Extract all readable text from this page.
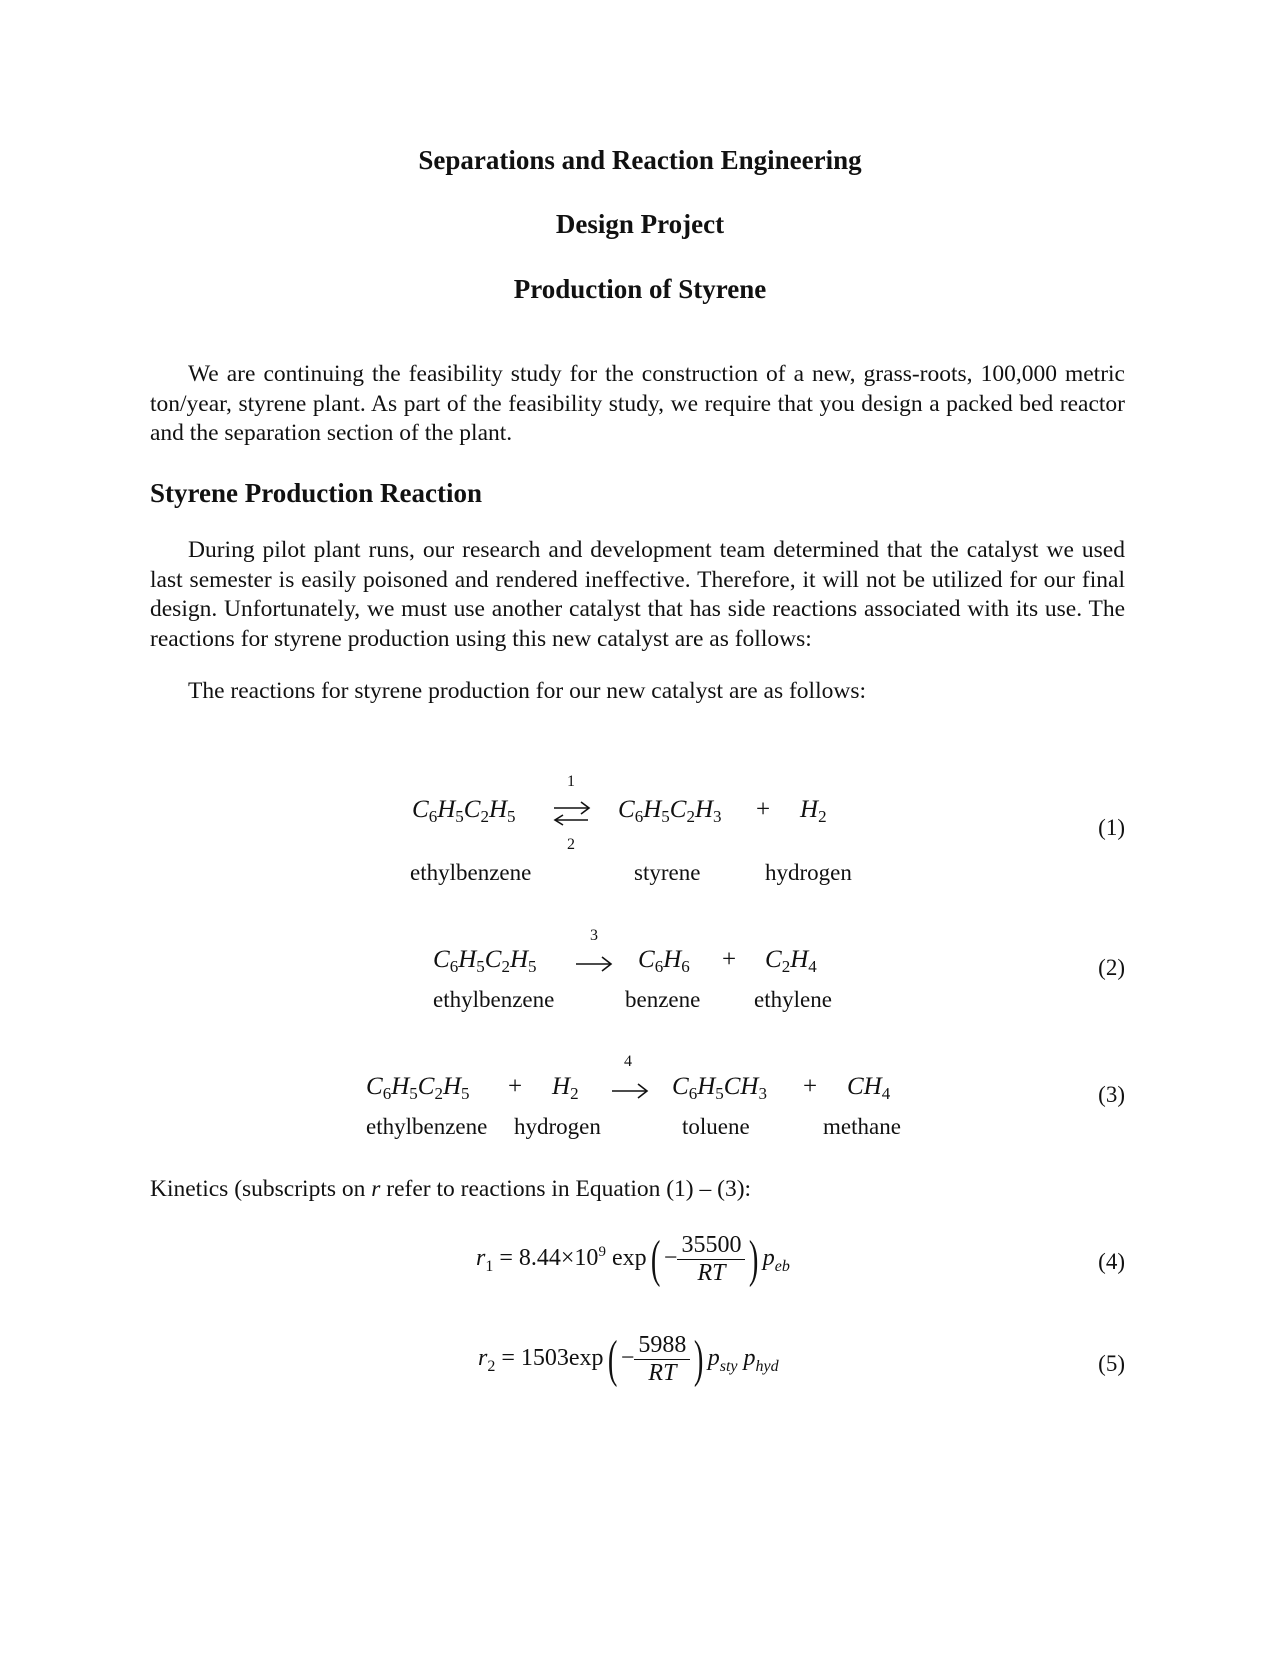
Separations and Reaction Engineering
Design Project
Production of Styrene

We are continuing the feasibility study for the construction of a new, grass-roots, 100,000 metric ton/year, styrene plant. As part of the feasibility study, we require that you design a packed bed reactor and the separation section of the plant.

Styrene Production Reaction

During pilot plant runs, our research and development team determined that the catalyst we used last semester is easily poisoned and rendered ineffective. Therefore, it will not be utilized for our final design. Unfortunately, we must use another catalyst that has side reactions associated with its use. The reactions for styrene production using this new catalyst are as follows:

The reactions for styrene production for our new catalyst are as follows:

$C_6H_5C_2H_5$
1
2
$C_6H_5C_2H_3 + H_2$	(1)
ethylbenzene	styrene	hydrogen
3
$C_6H_5C_2H_5$	$C_6H_6 + C_2H_4$	(2)
ethylbenzene	benzene ethylene
4
$C_6H_5C_2H_5 + H_2$	$C_6H_5CH_3 + CH_4$	(3)
ethylbenzene hydrogen	toluene	methane
Kinetics (subscripts on r refer to reactions in Equation (1) – (3):
$r_1 = 8.44\times 10^9$ $\exp( - \frac{35500}{RT}$ ) $p_{eb}$	(4)
$r_2 = 1503\exp( - \frac{5988}{RT}$ ) $p_{sty}$ $p_{hyd}$	(5)
